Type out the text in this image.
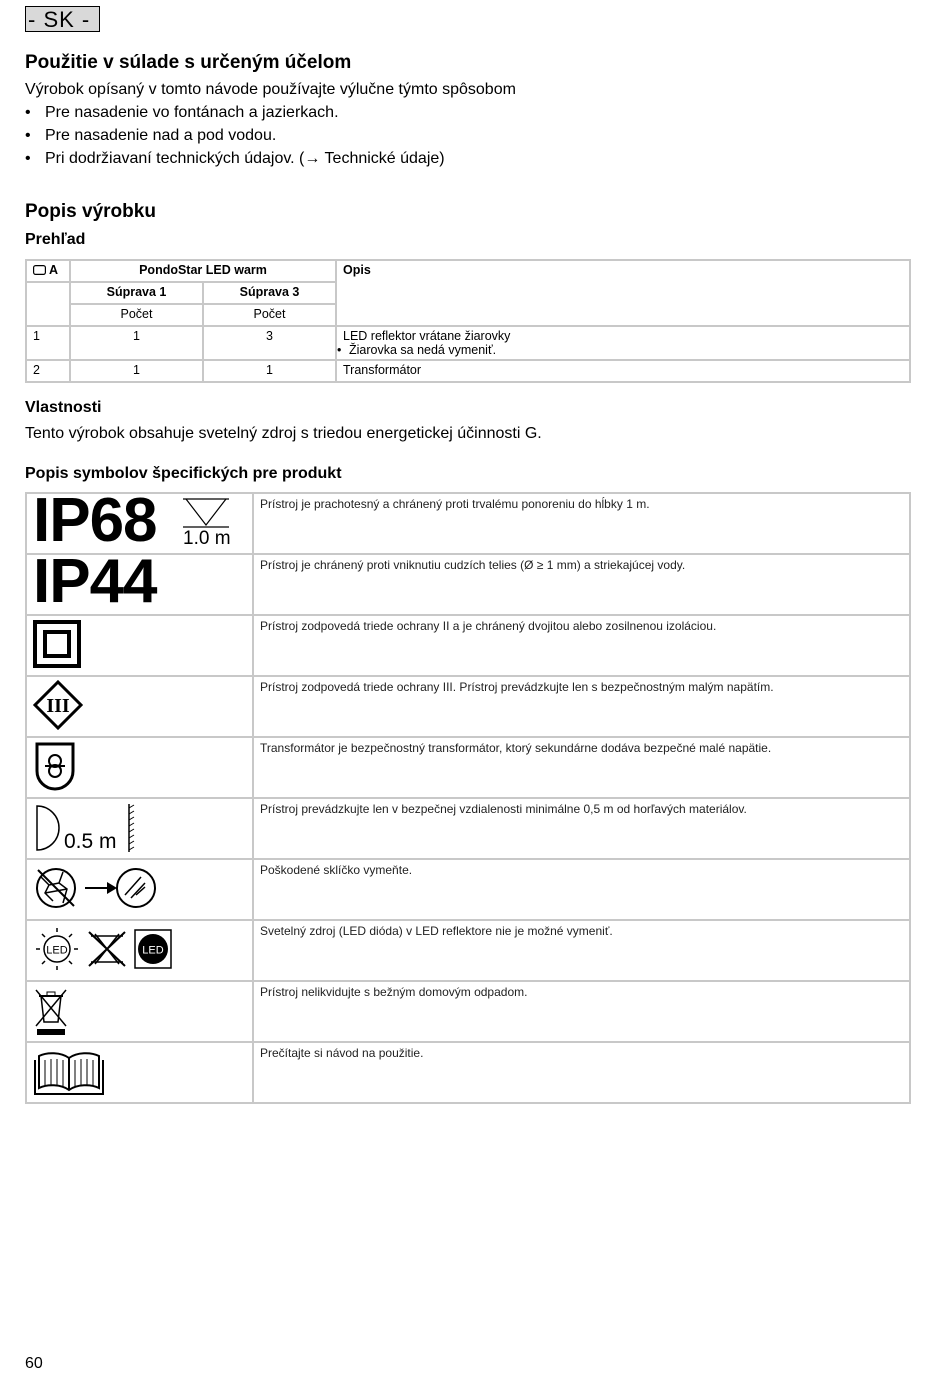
- SK -
Použitie v súlade s určeným účelom
Výrobok opísaný v tomto návode používajte výlučne týmto spôsobom
• Pre nasadenie vo fontánach a jazierkach.
• Pre nasadenie nad a pod vodou.
• Pri dodržiavaní technických údajov. (→ Technické údaje)
Popis výrobku
Prehľad
A	PondoStar LED warm		Opis
	Súprava 1	Súprava 3	
	Počet	Počet	
1	1	3	LED reflektor vrátane žiarovky
• Žiarovka sa nedá vymeniť.

2	1	1	Transformátor
Vlastnosti
Tento výrobok obsahuje svetelný zdroj s triedou energetickej účinnosti G.
Popis symbolov špecifických pre produkt
IP68 1.0 m	Prístroj je prachotesný a chránený proti trvalému ponoreniu do hĺbky 1 m.
IP44	Prístroj je chránený proti vniknutiu cudzích telies (Ø ≥ 1 mm) a striekajúcej vody.
	Prístroj zodpovedá triede ochrany II a je chránený dvojitou alebo zosilnenou izoláciou.

III	Prístroj zodpovedá triede ochrany III. Prístroj prevádzkujte len s bezpečnostným malým napätím.
	Transformátor je bezpečnostný transformátor, ktorý sekundárne dodáva bezpečné malé napätie.

0.5 m	Prístroj prevádzkujte len v bezpečnej vzdialenosti minimálne 0,5 m od horľavých materiálov.
	Poškodené sklíčko vymeňte.

LED LED	Svetelný zdroj (LED dióda) v LED reflektore nie je možné vymeniť.
	Prístroj nelikvidujte s bežným domovým odpadom.
	Prečítajte si návod na použitie.
60
